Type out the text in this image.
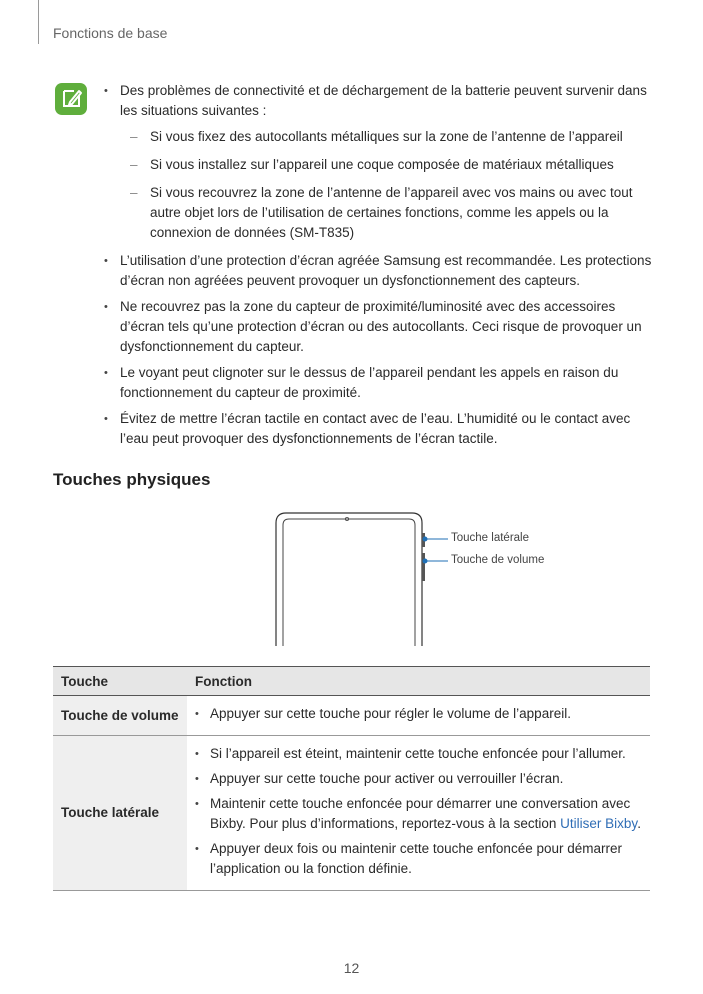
Fonctions de base
• Des problèmes de connectivité et de déchargement de la batterie peuvent survenir dans les situations suivantes :
– Si vous fixez des autocollants métalliques sur la zone de l’antenne de l’appareil
– Si vous installez sur l’appareil une coque composée de matériaux métalliques
– Si vous recouvrez la zone de l’antenne de l’appareil avec vos mains ou avec tout autre objet lors de l’utilisation de certaines fonctions, comme les appels ou la connexion de données (SM-T835)
• L’utilisation d’une protection d’écran agréée Samsung est recommandée. Les protections d’écran non agréées peuvent provoquer un dysfonctionnement des capteurs.
• Ne recouvrez pas la zone du capteur de proximité/luminosité avec des accessoires d’écran tels qu’une protection d’écran ou des autocollants. Ceci risque de provoquer un dysfonctionnement du capteur.
• Le voyant peut clignoter sur le dessus de l’appareil pendant les appels en raison du fonctionnement du capteur de proximité.
• Évitez de mettre l’écran tactile en contact avec de l’eau. L’humidité ou le contact avec l’eau peut provoquer des dysfonctionnements de l’écran tactile.
Touches physiques
Touche latérale
Touche de volume
Touche	Fonction
Touche de volume	• Appuyer sur cette touche pour régler le volume de l’appareil.

Touche latérale	• Si l’appareil est éteint, maintenir cette touche enfoncée pour l’allumer.
• Appuyer sur cette touche pour activer ou verrouiller l’écran.
• Maintenir cette touche enfoncée pour démarrer une conversation avec Bixby. Pour plus d’informations, reportez-vous à la section Utiliser Bixby.
• Appuyer deux fois ou maintenir cette touche enfoncée pour démarrer l’application ou la fonction définie.
12
